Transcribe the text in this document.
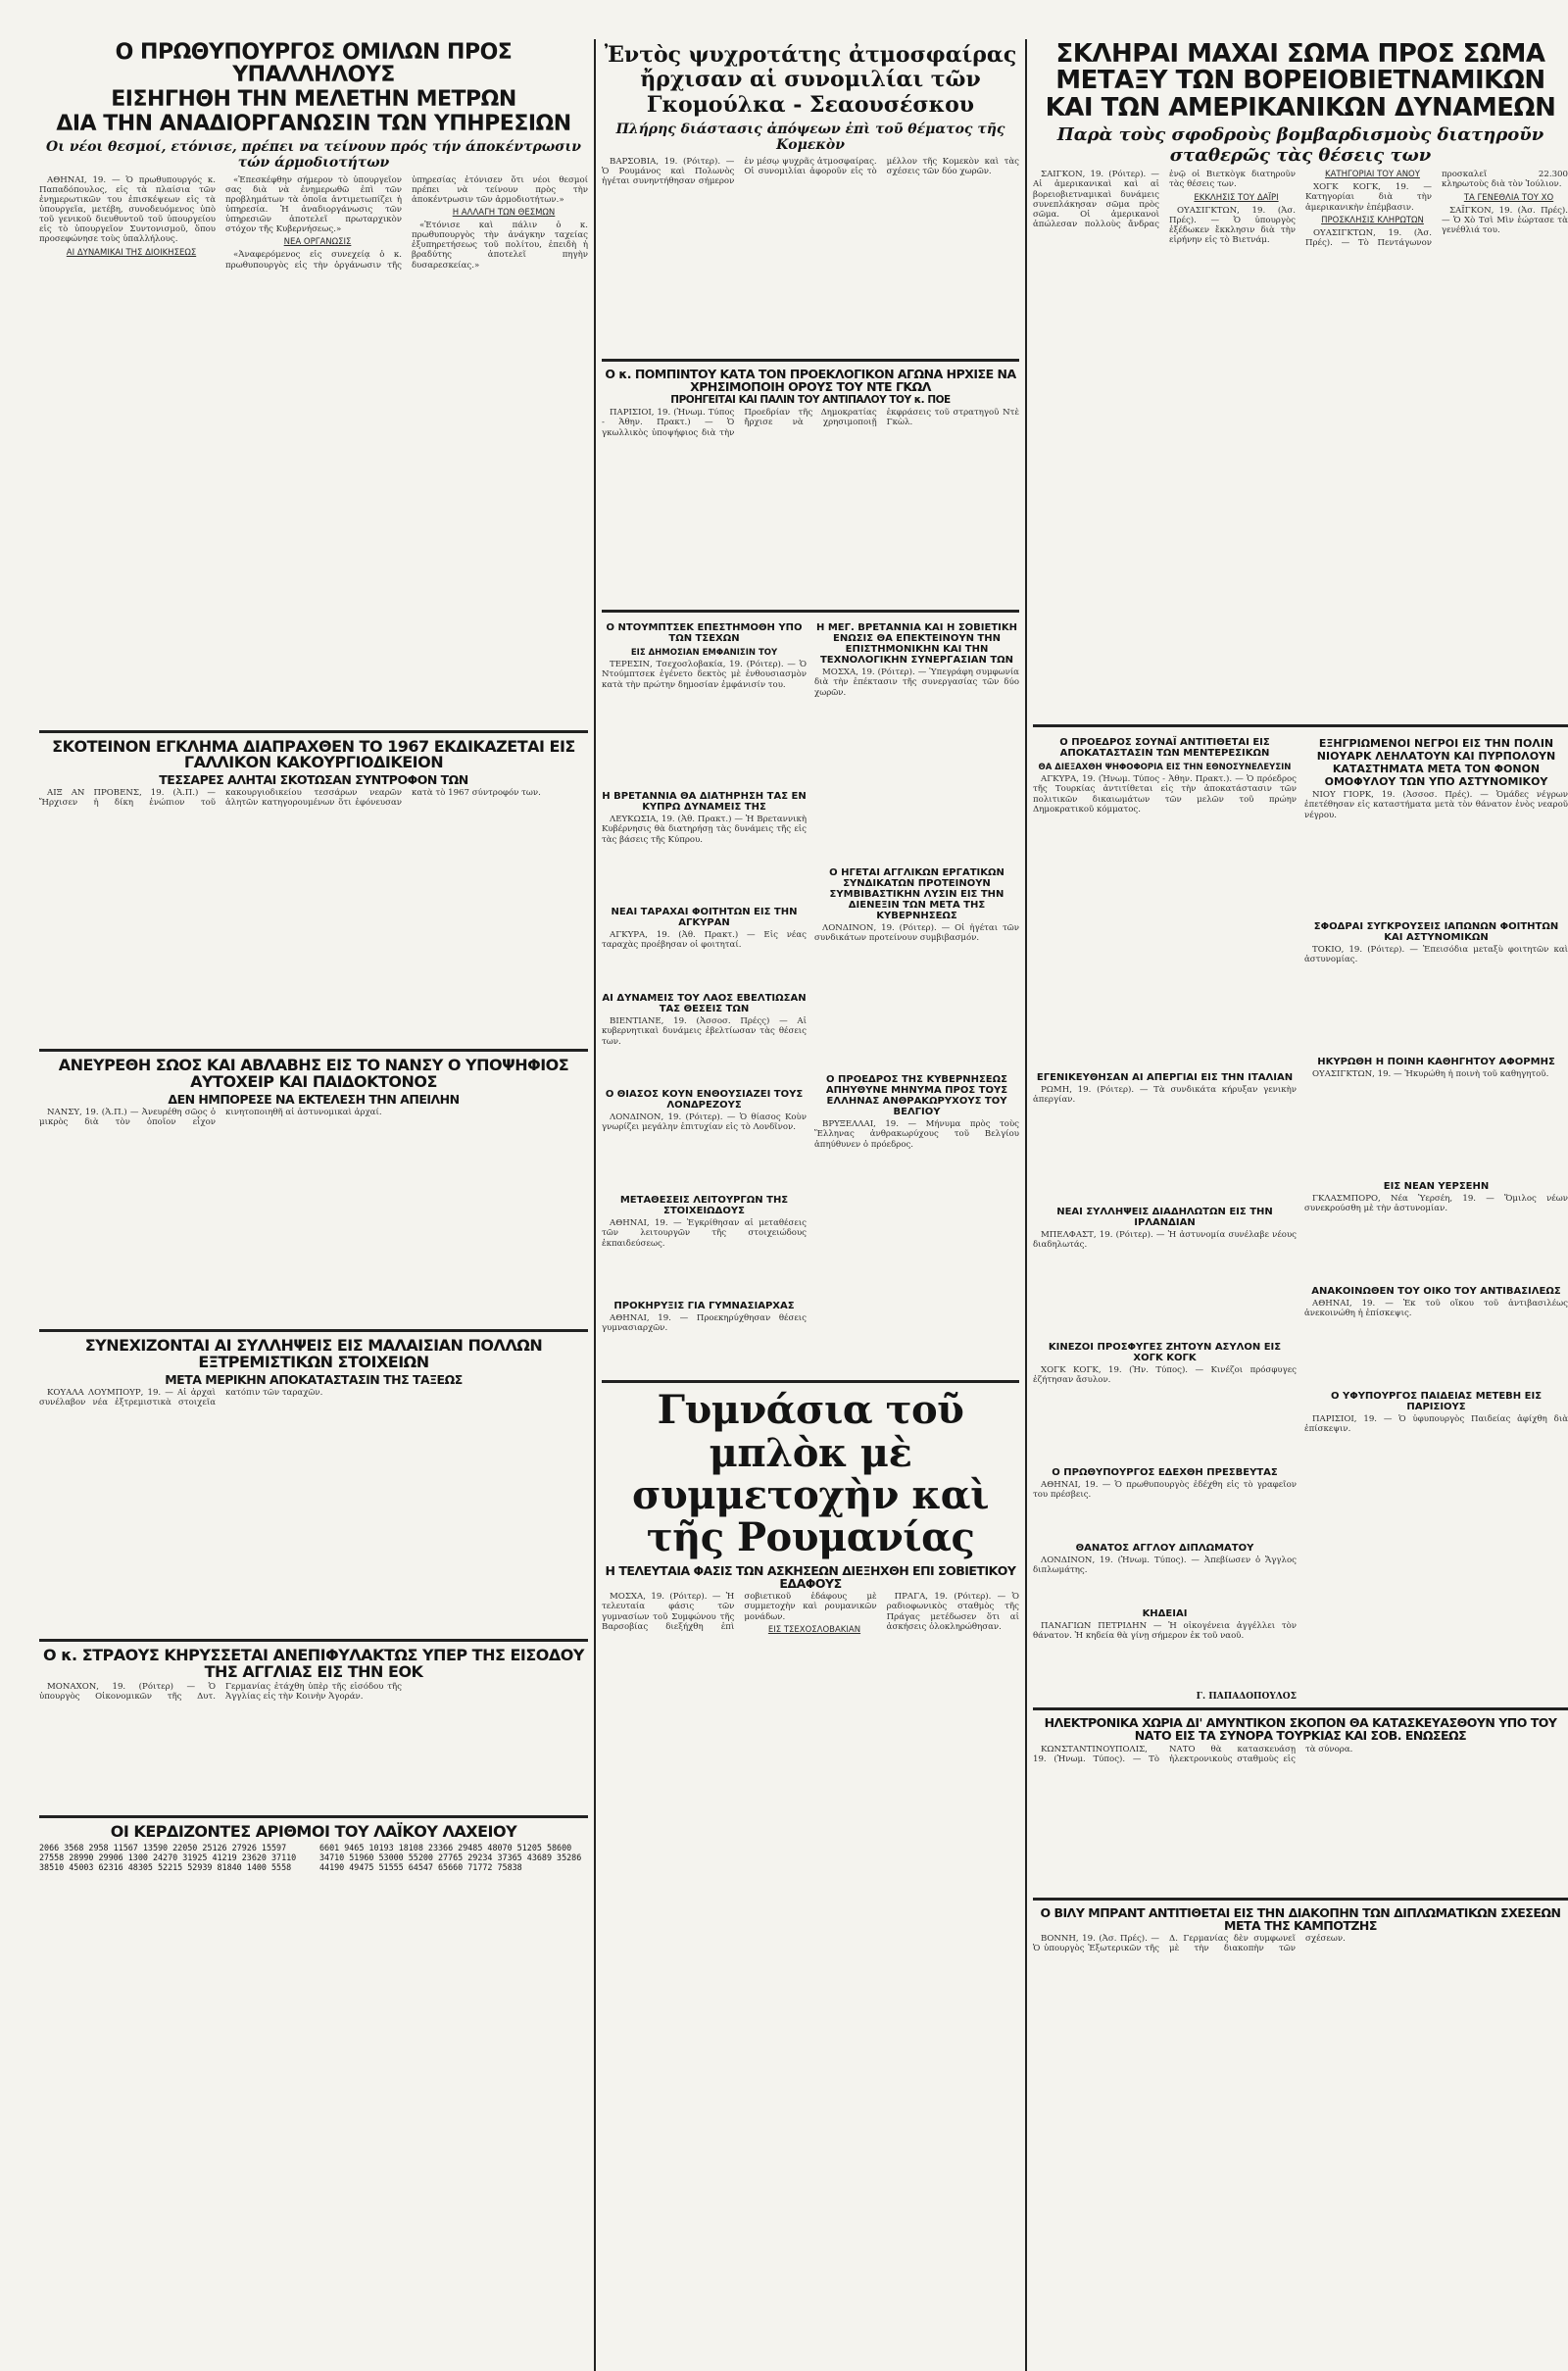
Ο ΠΡΩΘΥΠΟΥΡΓΟΣ ΟΜΙΛΩΝ ΠΡΟΣ ΥΠΑΛΛΗΛΟΥΣ
ΕΙΣΗΓΗΘΗ ΤΗΝ ΜΕΛΕΤΗΝ ΜΕΤΡΩΝ
ΔΙΑ ΤΗΝ ΑΝΑΔΙΟΡΓΑΝΩΣΙΝ ΤΩΝ ΥΠΗΡΕΣΙΩΝ
Οι νέοι θεσμοί, ετόνισε, πρέπει να τείνουν πρός τήν άποκέντρωσιν τών άρμοδιοτήτων

ΑΘΗΝΑΙ, 19. — Ὁ πρωθυπουργός κ. Παπαδόπουλος, εἰς τὰ πλαίσια τῶν ἐνημερωτικῶν του ἐπισκέψεων εἰς τὰ ὑπουργεῖα, μετέβη, συνοδευόμενος ὑπὸ τοῦ γενικοῦ διευθυντοῦ τοῦ ὑπουργείου εἰς τὸ ὑπουργεῖον Συντονισμοῦ, ὅπου προσεφώνησε τοὺς ὑπαλλήλους.

ΑΙ ΔΥΝΑΜΙΚΑΙ ΤΗΣ ΔΙΟΙΚΗΣΕΩΣ

«Ἐπεσκέφθην σήμερον τὸ ὑπουργεῖον σας διὰ νὰ ἐνημερωθῶ ἐπὶ τῶν προβλημάτων τὰ ὁποῖα ἀντιμετωπίζει ἡ ὑπηρεσία. Ἡ ἀναδιοργάνωσις τῶν ὑπηρεσιῶν ἀποτελεῖ πρωταρχικὸν στόχον τῆς Κυβερνήσεως.»

ΝΕΑ ΟΡΓΑΝΩΣΙΣ

«Ἀναφερόμενος εἰς συνεχείᾳ ὁ κ. πρωθυπουργὸς εἰς τὴν ὀργάνωσιν τῆς ὑπηρεσίας ἐτόνισεν ὅτι νέοι θεσμοί πρέπει νὰ τείνουν πρὸς τὴν ἀποκέντρωσιν τῶν ἁρμοδιοτήτων.»

Η ΑΛΛΑΓΗ ΤΩΝ ΘΕΣΜΩΝ

«Ἐτόνισε καὶ πάλιν ὁ κ. πρωθυπουργὸς τὴν ἀνάγκην ταχείας ἐξυπηρετήσεως τοῦ πολίτου, ἐπειδὴ ἡ βραδύτης ἀποτελεῖ πηγὴν δυσαρεσκείας.»

ΣΚΟΤΕΙΝΟΝ ΕΓΚΛΗΜΑ ΔΙΑΠΡΑΧΘΕΝ ΤΟ 1967 ΕΚΔΙΚΑΖΕΤΑΙ ΕΙΣ ΓΑΛΛΙΚΟΝ ΚΑΚΟΥΡΓΙΟΔΙΚΕΙΟΝ
ΤΕΣΣΑΡΕΣ ΑΛΗΤΑΙ ΣΚΟΤΩΣΑΝ ΣΥΝΤΡΟΦΟΝ ΤΩΝ

ΑΙΞ ΑΝ ΠΡΟΒΕΝΣ, 19. (Ἀ.Π.) — Ἤρχισεν ἡ δίκη ἐνώπιον τοῦ κακουργιοδικείου τεσσάρων νεαρῶν ἀλητῶν κατηγορουμένων ὅτι ἐφόνευσαν κατὰ τὸ 1967 σύντροφόν των.

ΑΝΕΥΡΕΘΗ ΣΩΟΣ ΚΑΙ ΑΒΛΑΒΗΣ ΕΙΣ ΤΟ ΝΑΝΣΥ Ο ΥΠΟΨΗΦΙΟΣ ΑΥΤΟΧΕΙΡ ΚΑΙ ΠΑΙΔΟΚΤΟΝΟΣ
ΔΕΝ ΗΜΠΟΡΕΣΕ ΝΑ ΕΚΤΕΛΕΣΗ ΤΗΝ ΑΠΕΙΛΗΝ

ΝΑΝΣΥ, 19. (Ἀ.Π.) — Ἀνευρέθη σῶος ὁ μικρὸς διὰ τὸν ὁποῖον εἶχον κινητοποιηθῆ αἱ ἀστυνομικαὶ ἀρχαί.

ΣΥΝΕΧΙΖΟΝΤΑΙ ΑΙ ΣΥΛΛΗΨΕΙΣ ΕΙΣ ΜΑΛΑΙΣΙΑΝ ΠΟΛΛΩΝ ΕΞΤΡΕΜΙΣΤΙΚΩΝ ΣΤΟΙΧΕΙΩΝ
ΜΕΤΑ ΜΕΡΙΚΗΝ ΑΠΟΚΑΤΑΣΤΑΣΙΝ ΤΗΣ ΤΑΞΕΩΣ

ΚΟΥΑΛΑ ΛΟΥΜΠΟΥΡ, 19. — Αἱ ἀρχαὶ συνέλαβον νέα ἐξτρεμιστικὰ στοιχεῖα κατόπιν τῶν ταραχῶν.

Ο κ. ΣΤΡΑΟΥΣ ΚΗΡΥΣΣΕΤΑΙ ΑΝΕΠΙΦΥΛΑΚΤΩΣ ΥΠΕΡ ΤΗΣ ΕΙΣΟΔΟΥ ΤΗΣ ΑΓΓΛΙΑΣ ΕΙΣ ΤΗΝ ΕΟΚ

ΜΟΝΑΧΟΝ, 19. (Ρόιτερ) — Ὁ ὑπουργὸς Οἰκονομικῶν τῆς Δυτ. Γερμανίας ἐτάχθη ὑπὲρ τῆς εἰσόδου τῆς Ἀγγλίας εἰς τὴν Κοινὴν Ἀγοράν.

ΟΙ ΚΕΡΔΙΖΟΝΤΕΣ ΑΡΙΘΜΟΙ ΤΟΥ ΛΑΪΚΟΥ ΛΑΧΕΙΟΥ
2066 3568 2958 11567 13590 22050 25126 27926 15597 27558 28990 29906 1300 24270 31925 41219 23620 37110 38510 45003 62316 48305 52215 52939 81840 1400 5558 6601 9465 10193 18108 23366 29485 48070 51205 58600 34710 51960 53000 55200 27765 29234 37365 43689 35286 44190 49475 51555 64547 65660 71772 75838
Ἐντὸς ψυχροτάτης ἀτμοσφαίρας ἤρχισαν αἱ συνομιλίαι τῶν Γκομούλκα - Σεαουσέσκου
Πλήρης διάστασις ἀπόψεων ἐπὶ τοῦ θέματος τῆς Κομεκὸν

ΒΑΡΣΟΒΙΑ, 19. (Ρόιτερ). — Ὁ Ρουμάνος καὶ Πολωνὸς ἡγέται συνηντήθησαν σήμερον ἐν μέσῳ ψυχρᾶς ἀτμοσφαίρας. Οἱ συνομιλίαι ἀφοροῦν εἰς τὸ μέλλον τῆς Κομεκὸν καὶ τὰς σχέσεις τῶν δύο χωρῶν.

Ο κ. ΠΟΜΠΙΝΤΟΥ ΚΑΤΑ ΤΟΝ ΠΡΟΕΚΛΟΓΙΚΟΝ ΑΓΩΝΑ ΗΡΧΙΣΕ ΝΑ ΧΡΗΣΙΜΟΠΟΙΗ ΟΡΟΥΣ ΤΟΥ ΝΤΕ ΓΚΩΛ
ΠΡΟΗΓΕΙΤΑΙ ΚΑΙ ΠΑΛΙΝ ΤΟΥ ΑΝΤΙΠΑΛΟΥ ΤΟΥ κ. ΠΟΕ

ΠΑΡΙΣΙΟΙ, 19. (Ἡνωμ. Τύπος - Ἀθην. Πρακτ.) — Ὁ γκωλλικὸς ὑποψήφιος διὰ τὴν Προεδρίαν τῆς Δημοκρατίας ἤρχισε νὰ χρησιμοποιῇ ἐκφράσεις τοῦ στρατηγοῦ Ντὲ Γκὼλ.

Ο ΝΤΟΥΜΠΤΣΕΚ ΕΠΕΣΤΗΜΟΘΗ ΥΠΟ ΤΩΝ ΤΣΕΧΩΝ
ΕΙΣ ΔΗΜΟΣΙΑΝ ΕΜΦΑΝΙΣΙΝ ΤΟΥ

ΤΕΡΕΣΙΝ, Τσεχοσλοβακία, 19. (Ρόιτερ). — Ὁ Ντούμπτσεκ ἐγένετο δεκτὸς μὲ ἐνθουσιασμὸν κατὰ τὴν πρώτην δημοσίαν ἐμφάνισίν του.

Η ΒΡΕΤΑΝΝΙΑ ΘΑ ΔΙΑΤΗΡΗΣΗ ΤΑΣ ΕΝ ΚΥΠΡΩ ΔΥΝΑΜΕΙΣ ΤΗΣ

ΛΕΥΚΩΣΙΑ, 19. (Ἀθ. Πρακτ.) — Ἡ Βρεταννικὴ Κυβέρνησις θὰ διατηρήσῃ τὰς δυνάμεις τῆς εἰς τὰς βάσεις τῆς Κύπρου.

ΝΕΑΙ ΤΑΡΑΧΑΙ ΦΟΙΤΗΤΩΝ ΕΙΣ ΤΗΝ ΑΓΚΥΡΑΝ

ΑΓΚΥΡΑ, 19. (Ἀθ. Πρακτ.) — Εἰς νέας ταραχὰς προέβησαν οἱ φοιτηταί.

ΑΙ ΔΥΝΑΜΕΙΣ ΤΟΥ ΛΑΟΣ ΕΒΕΛΤΙΩΣΑΝ ΤΑΣ ΘΕΣΕΙΣ ΤΩΝ

ΒΙΕΝΤΙΑΝΕ, 19. (Ἀσσοσ. Πρέςς) — Αἱ κυβερνητικαὶ δυνάμεις ἐβελτίωσαν τὰς θέσεις των.

Ο ΘΙΑΣΟΣ ΚΟΥΝ ΕΝΘΟΥΣΙΑΖΕΙ ΤΟΥΣ ΛΟΝΔΡΕΖΟΥΣ

ΛΟΝΔΙΝΟΝ, 19. (Ρόιτερ). — Ὁ θίασος Κοὺν γνωρίζει μεγάλην ἐπιτυχίαν εἰς τὸ Λονδῖνον.

ΜΕΤΑΘΕΣΕΙΣ ΛΕΙΤΟΥΡΓΩΝ ΤΗΣ ΣΤΟΙΧΕΙΩΔΟΥΣ

ΑΘΗΝΑΙ, 19. — Ἐγκρίθησαν αἱ μεταθέσεις τῶν λειτουργῶν τῆς στοιχειώδους ἐκπαιδεύσεως.

ΠΡΟΚΗΡΥΞΙΣ ΓΙΑ ΓΥΜΝΑΣΙΑΡΧΑΣ

ΑΘΗΝΑΙ, 19. — Προεκηρύχθησαν θέσεις γυμνασιαρχῶν.

Η ΜΕΓ. ΒΡΕΤΑΝΝΙΑ ΚΑΙ Η ΣΟΒΙΕΤΙΚΗ ΕΝΩΣΙΣ ΘΑ ΕΠΕΚΤΕΙΝΟΥΝ ΤΗΝ ΕΠΙΣΤΗΜΟΝΙΚΗΝ ΚΑΙ ΤΗΝ ΤΕΧΝΟΛΟΓΙΚΗΝ ΣΥΝΕΡΓΑΣΙΑΝ ΤΩΝ

ΜΟΣΧΑ, 19. (Ρόιτερ). — Ὑπεγράφη συμφωνία διὰ τὴν ἐπέκτασιν τῆς συνεργασίας τῶν δύο χωρῶν.

Ο ΗΓΕΤΑΙ ΑΓΓΛΙΚΩΝ ΕΡΓΑΤΙΚΩΝ ΣΥΝΔΙΚΑΤΩΝ ΠΡΟΤΕΙΝΟΥΝ ΣΥΜΒΙΒΑΣΤΙΚΗΝ ΛΥΣΙΝ ΕΙΣ ΤΗΝ ΔΙΕΝΕΞΙΝ ΤΩΝ ΜΕΤΑ ΤΗΣ ΚΥΒΕΡΝΗΣΕΩΣ

ΛΟΝΔΙΝΟΝ, 19. (Ρόιτερ). — Οἱ ἡγέται τῶν συνδικάτων προτείνουν συμβιβασμόν.

Ο ΠΡΟΕΔΡΟΣ ΤΗΣ ΚΥΒΕΡΝΗΣΕΩΣ ΑΠΗΥΘΥΝΕ ΜΗΝΥΜΑ ΠΡΟΣ ΤΟΥΣ ΕΛΛΗΝΑΣ ΑΝΘΡΑΚΩΡΥΧΟΥΣ ΤΟΥ ΒΕΛΓΙΟΥ

ΒΡΥΞΕΛΛΑΙ, 19. — Μήνυμα πρὸς τοὺς Ἕλληνας ἀνθρακωρύχους τοῦ Βελγίου ἀπηύθυνεν ὁ πρόεδρος.

Γυμνάσια τοῦ μπλὸκ μὲ συμμετοχὴν καὶ τῆς Ρουμανίας
Η ΤΕΛΕΥΤΑΙΑ ΦΑΣΙΣ ΤΩΝ ΑΣΚΗΣΕΩΝ ΔΙΕΞΗΧΘΗ ΕΠΙ ΣΟΒΙΕΤΙΚΟΥ ΕΔΑΦΟΥΣ

ΜΟΣΧΑ, 19. (Ρόιτερ). — Ἡ τελευταία φάσις τῶν γυμνασίων τοῦ Συμφώνου τῆς Βαρσοβίας διεξήχθη ἐπὶ σοβιετικοῦ ἐδάφους μὲ συμμετοχὴν καὶ ρουμανικῶν μονάδων.

ΕΙΣ ΤΣΕΧΟΣΛΟΒΑΚΙΑΝ

ΠΡΑΓΑ, 19. (Ρόιτερ). — Ὁ ραδιοφωνικὸς σταθμὸς τῆς Πράγας μετέδωσεν ὅτι αἱ ἀσκήσεις ὁλοκληρώθησαν.

ΣΚΛΗΡΑΙ ΜΑΧΑΙ ΣΩΜΑ ΠΡΟΣ ΣΩΜΑ ΜΕΤΑΞΥ ΤΩΝ ΒΟΡΕΙΟΒΙΕΤΝΑΜΙΚΩΝ ΚΑΙ ΤΩΝ ΑΜΕΡΙΚΑΝΙΚΩΝ ΔΥΝΑΜΕΩΝ
Παρὰ τοὺς σφοδροὺς βομβαρδισμοὺς διατηροῦν σταθερῶς τὰς θέσεις των

ΣΑΪΓΚΟΝ, 19. (Ρόιτερ). — Αἱ ἀμερικανικαὶ καὶ αἱ βορειοβιετναμικαὶ δυνάμεις συνεπλάκησαν σῶμα πρὸς σῶμα. Οἱ ἀμερικανοὶ ἀπώλεσαν πολλοὺς ἄνδρας ἐνῷ οἱ Βιετκὸγκ διατηροῦν τὰς θέσεις των.

ΕΚΚΛΗΣΙΣ ΤΟΥ ΔΑΪΡΙ

ΟΥΑΣΙΓΚΤΩΝ, 19. (Ἀσ. Πρές). — Ὁ ὑπουργὸς ἐξέδωκεν ἔκκλησιν διὰ τὴν εἰρήνην εἰς τὸ Βιετνάμ.

ΚΑΤΗΓΟΡΙΑΙ ΤΟΥ ΑΝΟΥ

ΧΟΓΚ ΚΟΓΚ, 19. — Κατηγορίαι διὰ τὴν ἀμερικανικὴν ἐπέμβασιν.

ΠΡΟΣΚΛΗΣΙΣ ΚΛΗΡΩΤΩΝ

ΟΥΑΣΙΓΚΤΩΝ, 19. (Ἀσ. Πρές). — Τὸ Πεντάγωνον προσκαλεῖ 22.300 κληρωτοὺς διὰ τὸν Ἰούλιον.

ΤΑ ΓΕΝΕΘΛΙΑ ΤΟΥ ΧΟ

ΣΑΪΓΚΟΝ, 19. (Ἀσ. Πρές). — Ὁ Χὸ Τσὶ Μὶν ἑώρτασε τὰ γενέθλιά του.

Ο ΠΡΟΕΔΡΟΣ ΣΟΥΝΑΪ ΑΝΤΙΤΙΘΕΤΑΙ ΕΙΣ ΑΠΟΚΑΤΑΣΤΑΣΙΝ ΤΩΝ ΜΕΝΤΕΡΕΣΙΚΩΝ
ΘΑ ΔΙΕΞΑΧΘΗ ΨΗΦΟΦΟΡΙΑ ΕΙΣ ΤΗΝ ΕΘΝΟΣΥΝΕΛΕΥΣΙΝ

ΑΓΚΥΡΑ, 19. (Ἡνωμ. Τύπος - Ἀθην. Πρακτ.). — Ὁ πρόεδρος τῆς Τουρκίας ἀντιτίθεται εἰς τὴν ἀποκατάστασιν τῶν πολιτικῶν δικαιωμάτων τῶν μελῶν τοῦ πρώην Δημοκρατικοῦ κόμματος.

ΕΓΕΝΙΚΕΥΘΗΣΑΝ ΑΙ ΑΠΕΡΓΙΑΙ ΕΙΣ ΤΗΝ ΙΤΑΛΙΑΝ

ΡΩΜΗ, 19. (Ρόιτερ). — Τὰ συνδικάτα κήρυξαν γενικὴν ἀπεργίαν.

ΝΕΑΙ ΣΥΛΛΗΨΕΙΣ ΔΙΑΔΗΛΩΤΩΝ ΕΙΣ ΤΗΝ ΙΡΛΑΝΔΙΑΝ

ΜΠΕΛΦΑΣΤ, 19. (Ρόιτερ). — Ἡ ἀστυνομία συνέλαβε νέους διαδηλωτάς.

ΚΙΝΕΖΟΙ ΠΡΟΣΦΥΓΕΣ ΖΗΤΟΥΝ ΑΣΥΛΟΝ ΕΙΣ ΧΟΓΚ ΚΟΓΚ

ΧΟΓΚ ΚΟΓΚ, 19. (Ἡν. Τύπος). — Κινέζοι πρόσφυγες ἐζήτησαν ἄσυλον.

Ο ΠΡΩΘΥΠΟΥΡΓΟΣ ΕΔΕΧΘΗ ΠΡΕΣΒΕΥΤΑΣ

ΑΘΗΝΑΙ, 19. — Ὁ πρωθυπουργὸς ἐδέχθη εἰς τὸ γραφεῖον του πρέσβεις.

ΘΑΝΑΤΟΣ ΑΓΓΛΟΥ ΔΙΠΛΩΜΑΤΟΥ

ΛΟΝΔΙΝΟΝ, 19. (Ἡνωμ. Τύπος). — Ἀπεβίωσεν ὁ Ἄγγλος διπλωμάτης.

ΚΗΔΕΙΑΙ

ΠΑΝΑΓΙΩΝ ΠΕΤΡΙΔΗΝ — Ἡ οἰκογένεια ἀγγέλλει τὸν θάνατον. Ἡ κηδεία θὰ γίνῃ σήμερον ἐκ τοῦ ναοῦ.

Γ. ΠΑΠΑΔΟΠΟΥΛΟΣ
ΕΞΗΓΡΙΩΜΕΝΟΙ ΝΕΓΡΟΙ ΕΙΣ ΤΗΝ ΠΟΛΙΝ ΝΙΟΥΑΡΚ ΛΕΗΛΑΤΟΥΝ ΚΑΙ ΠΥΡΠΟΛΟΥΝ ΚΑΤΑΣΤΗΜΑΤΑ ΜΕΤΑ ΤΟΝ ΦΟΝΟΝ ΟΜΟΦΥΛΟΥ ΤΩΝ ΥΠΟ ΑΣΤΥΝΟΜΙΚΟΥ

ΝΙΟΥ ΓΙΟΡΚ, 19. (Ἀσσοσ. Πρές). — Ὁμάδες νέγρων ἐπετέθησαν εἰς καταστήματα μετὰ τὸν θάνατον ἑνὸς νεαροῦ νέγρου.

ΣΦΟΔΡΑΙ ΣΥΓΚΡΟΥΣΕΙΣ ΙΑΠΩΝΩΝ ΦΟΙΤΗΤΩΝ ΚΑΙ ΑΣΤΥΝΟΜΙΚΩΝ

ΤΟΚΙΟ, 19. (Ρόιτερ). — Ἐπεισόδια μεταξὺ φοιτητῶν καὶ ἀστυνομίας.

ΗΚΥΡΩΘΗ Η ΠΟΙΝΗ ΚΑΘΗΓΗΤΟΥ ΑΦΟΡΜΗΣ

ΟΥΑΣΙΓΚΤΩΝ, 19. — Ἡκυρώθη ἡ ποινὴ τοῦ καθηγητοῦ.

ΕΙΣ ΝΕΑΝ ΥΕΡΣΕΗΝ

ΓΚΛΑΣΜΠΟΡΟ, Νέα Ὑερσέη, 19. — Ὅμιλος νέων συνεκρούσθη μὲ τὴν ἀστυνομίαν.

ΑΝΑΚΟΙΝΩΘΕΝ ΤΟΥ ΟΙΚΟ ΤΟΥ ΑΝΤΙΒΑΣΙΛΕΩΣ

ΑΘΗΝΑΙ, 19. — Ἐκ τοῦ οἴκου τοῦ ἀντιβασιλέως ἀνεκοινώθη ἡ ἐπίσκεψις.

Ο ΥΦΥΠΟΥΡΓΟΣ ΠΑΙΔΕΙΑΣ ΜΕΤΕΒΗ ΕΙΣ ΠΑΡΙΣΙΟΥΣ

ΠΑΡΙΣΙΟΙ, 19. — Ὁ ὑφυπουργὸς Παιδείας ἀφίχθη διὰ ἐπίσκεψιν.

ΗΛΕΚΤΡΟΝΙΚΑ ΧΩΡΙΑ ΔΙ' ΑΜΥΝΤΙΚΟΝ ΣΚΟΠΟΝ ΘΑ ΚΑΤΑΣΚΕΥΑΣΘΟΥΝ ΥΠΟ ΤΟΥ ΝΑΤΟ ΕΙΣ ΤΑ ΣΥΝΟΡΑ ΤΟΥΡΚΙΑΣ ΚΑΙ ΣΟΒ. ΕΝΩΣΕΩΣ

ΚΩΝΣΤΑΝΤΙΝΟΥΠΟΛΙΣ, 19. (Ἡνωμ. Τύπος). — Τὸ ΝΑΤΟ θὰ κατασκευάσῃ ἠλεκτρονικοὺς σταθμοὺς εἰς τὰ σύνορα.

Ο ΒΙΛΥ ΜΠΡΑΝΤ ΑΝΤΙΤΙΘΕΤΑΙ ΕΙΣ ΤΗΝ ΔΙΑΚΟΠΗΝ ΤΩΝ ΔΙΠΛΩΜΑΤΙΚΩΝ ΣΧΕΣΕΩΝ ΜΕΤΑ ΤΗΣ ΚΑΜΠΟΤΖΗΣ

ΒΟΝΝΗ, 19. (Ἀσ. Πρές). — Ὁ ὑπουργὸς Ἐξωτερικῶν τῆς Δ. Γερμανίας δὲν συμφωνεῖ μὲ τὴν διακοπὴν τῶν σχέσεων.
